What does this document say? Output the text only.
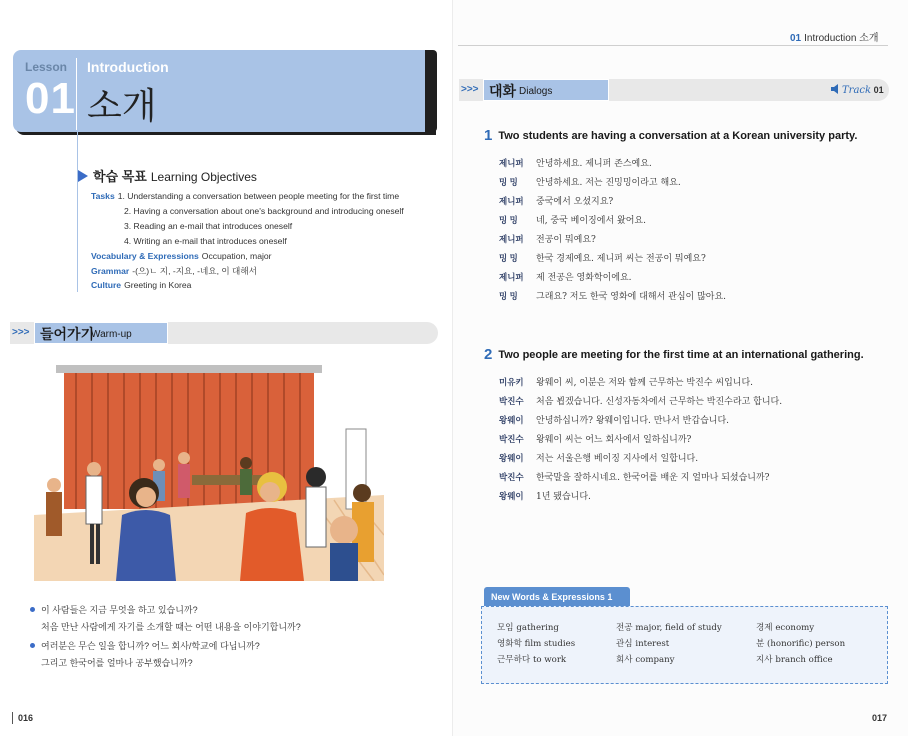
Lesson
01
Introduction
소개
학습 목표 Learning Objectives
Tasks 1. Understanding a conversation between people meeting for the first time
2. Having a conversation about one's background and introducing oneself
3. Reading an e-mail that introduces oneself
4. Writing an e-mail that introduces oneself
Vocabulary & Expressions Occupation, major
Grammar -(으)ㄴ 지, -지요, -네요, 이 대해서
Culture Greeting in Korea
>>> 들어가기
Warm-up
이 사람들은 지금 무엇을 하고 있습니까?
처음 만난 사람에게 자기를 소개할 때는 어떤 내용을 이야기합니까?
여러분은 무슨 일을 합니까? 어느 회사/학교에 다닙니까?
그리고 한국어를 얼마나 공부했습니까?
016
01 Introduction 소개
>>> 대화 Dialogs	Track 01
1 Two students are having a conversation at a Korean university party.
제니퍼 안녕하세요. 제니퍼 존스예요.
밍 밍 안녕하세요. 저는 진밍밍이라고 해요.
제니퍼 중국에서 오셨지요?
밍 밍 네, 중국 베이징에서 왔어요.
제니퍼 전공이 뭐예요?
밍 밍 한국 경제예요. 제니퍼 씨는 전공이 뭐예요?
제니퍼 제 전공은 영화학이에요.
밍 밍 그래요? 저도 한국 영화에 대해서 관심이 많아요.
2 Two people are meeting for the first time at an international gathering.
미유키 왕웨이 씨, 이분은 저와 함께 근무하는 박진수 씨입니다.
박진수 처음 뵙겠습니다. 신성자동차에서 근무하는 박진수라고 합니다.
왕웨이 안녕하십니까? 왕웨이입니다. 만나서 반갑습니다.
박진수 왕웨이 씨는 어느 회사에서 일하십니까?
왕웨이 저는 서울은행 베이징 지사에서 일합니다.
박진수 한국말을 잘하시네요. 한국어를 배운 지 얼마나 되셨습니까?
왕웨이 1년 됐습니다.
New Words & Expressions 1
모임 gathering	전공 major, field of study	경제 economy
영화학 film studies	관심 interest	분 (honorific) person
근무하다 to work	회사 company	지사 branch office
017
